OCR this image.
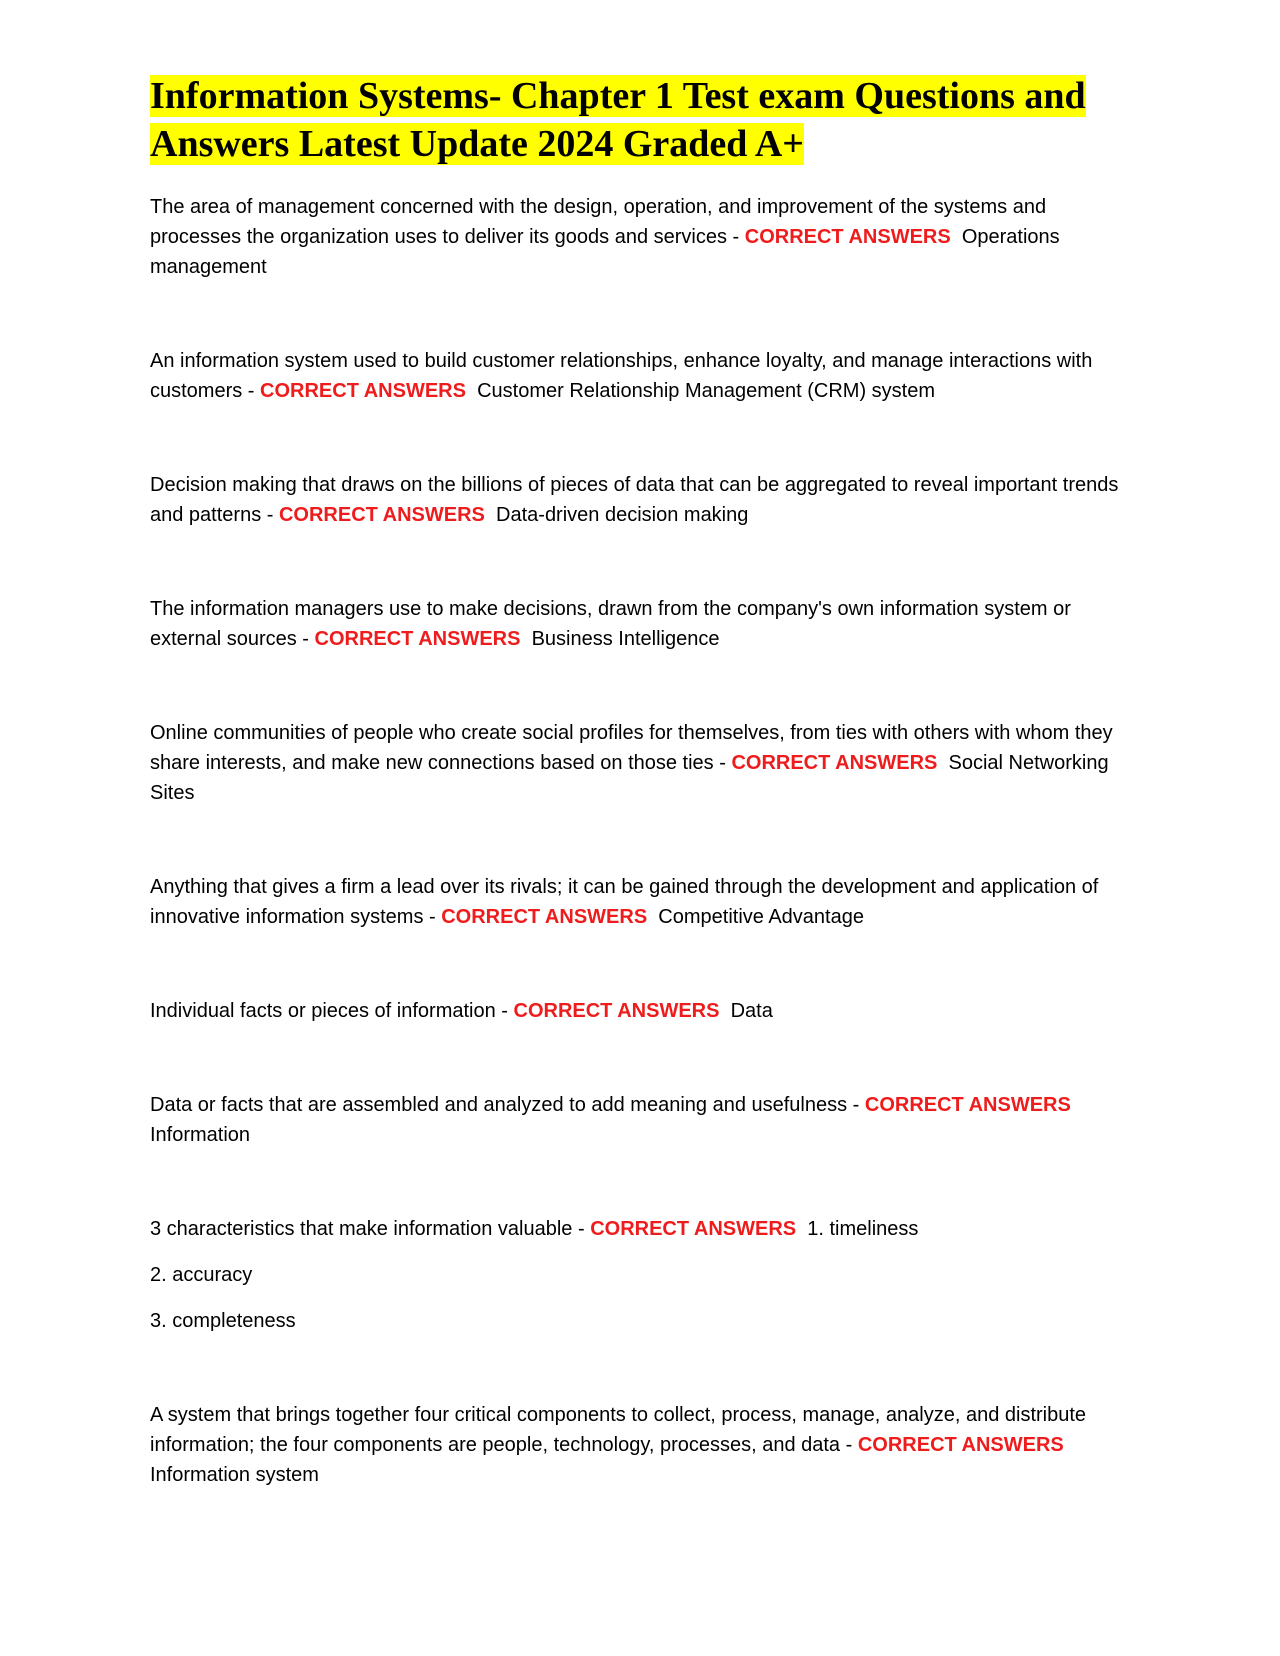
Information Systems- Chapter 1 Test exam Questions and Answers Latest Update 2024 Graded A+

The area of management concerned with the design, operation, and improvement of the systems and processes the organization uses to deliver its goods and services - CORRECT ANSWERS Operations management

An information system used to build customer relationships, enhance loyalty, and manage interactions with customers - CORRECT ANSWERS Customer Relationship Management (CRM) system

Decision making that draws on the billions of pieces of data that can be aggregated to reveal important trends and patterns - CORRECT ANSWERS Data-driven decision making

The information managers use to make decisions, drawn from the company's own information system or external sources - CORRECT ANSWERS Business Intelligence

Online communities of people who create social profiles for themselves, from ties with others with whom they share interests, and make new connections based on those ties - CORRECT ANSWERS Social Networking Sites

Anything that gives a firm a lead over its rivals; it can be gained through the development and application of innovative information systems - CORRECT ANSWERS Competitive Advantage

Individual facts or pieces of information - CORRECT ANSWERS Data

Data or facts that are assembled and analyzed to add meaning and usefulness - CORRECT ANSWERS
Information

3 characteristics that make information valuable - CORRECT ANSWERS 1. timeliness

2. accuracy

3. completeness

A system that brings together four critical components to collect, process, manage, analyze, and distribute information; the four components are people, technology, processes, and data - CORRECT ANSWERS  Information system
